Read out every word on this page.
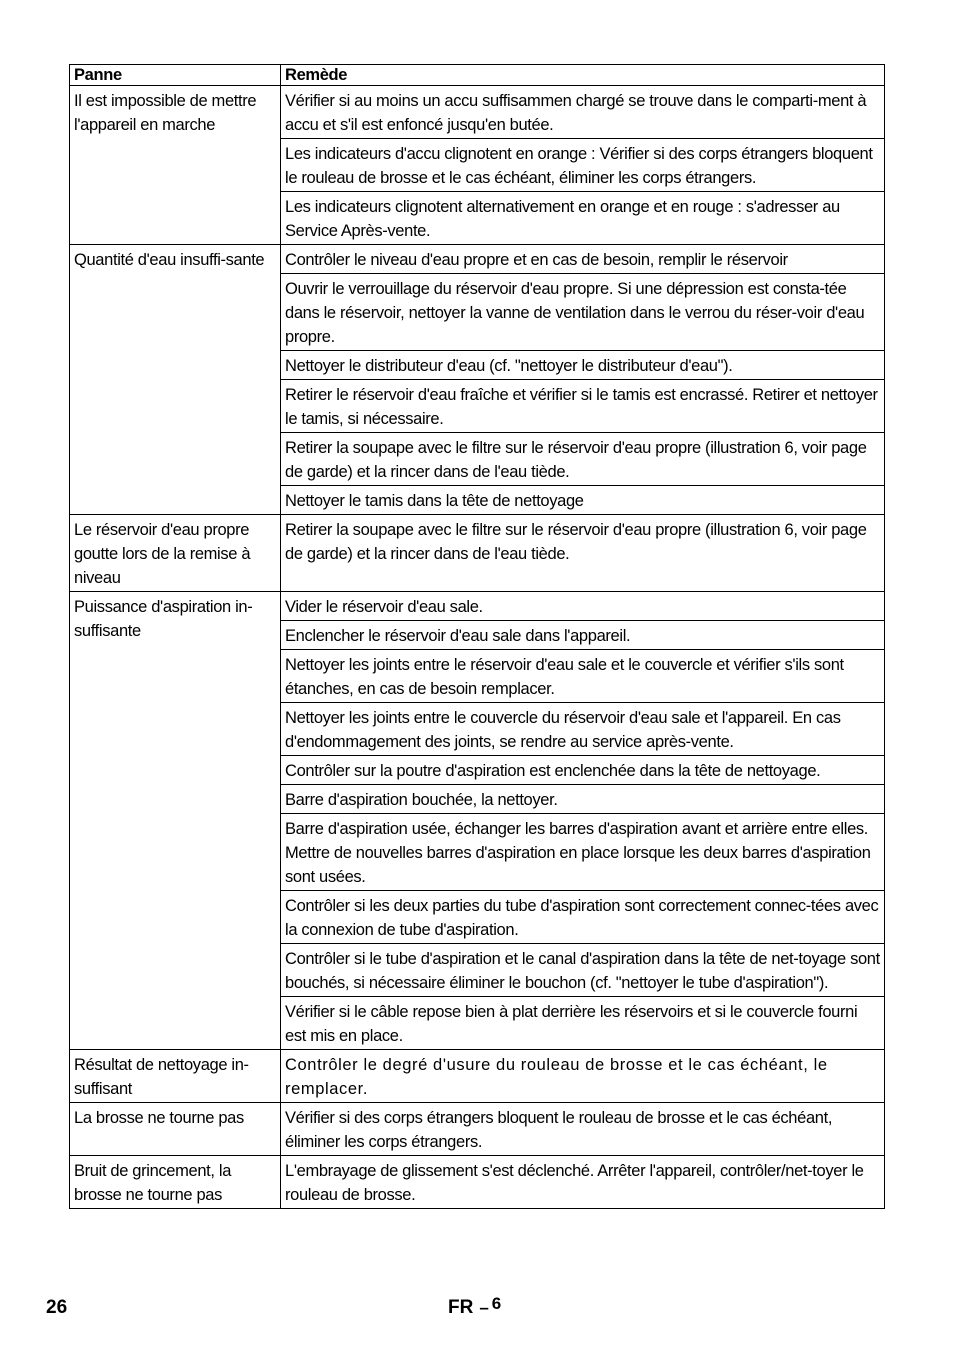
Panne	Remède
Il est impossible de mettre l'appareil en marche	Vérifier si au moins un accu suffisammen chargé se trouve dans le comparti-ment à accu et s'il est enfoncé jusqu'en butée.
	Les indicateurs d'accu clignotent en orange : Vérifier si des corps étrangers bloquent le rouleau de brosse et le cas échéant, éliminer les corps étrangers.
	Les indicateurs clignotent alternativement en orange et en rouge : s'adresser au Service Après-vente.
Quantité d'eau insuffi-sante	Contrôler le niveau d'eau propre et en cas de besoin, remplir le réservoir
	Ouvrir le verrouillage du réservoir d'eau propre. Si une dépression est consta-tée dans le réservoir, nettoyer la vanne de ventilation dans le verrou du réser-voir d'eau propre.
	Nettoyer le distributeur d'eau (cf. "nettoyer le distributeur d'eau").
	Retirer le réservoir d'eau fraîche et vérifier si le tamis est encrassé. Retirer et nettoyer le tamis, si nécessaire.
	Retirer la soupape avec le filtre sur le réservoir d'eau propre (illustration 6, voir page de garde) et la rincer dans de l'eau tiède.
	Nettoyer le tamis dans la tête de nettoyage
Le réservoir d'eau propre goutte lors de la remise à niveau	Retirer la soupape avec le filtre sur le réservoir d'eau propre (illustration 6, voir page de garde) et la rincer dans de l'eau tiède.
Puissance d'aspiration in-suffisante	Vider le réservoir d'eau sale.
	Enclencher le réservoir d'eau sale dans l'appareil.
	Nettoyer les joints entre le réservoir d'eau sale et le couvercle et vérifier s'ils sont étanches, en cas de besoin remplacer.
	Nettoyer les joints entre le couvercle du réservoir d'eau sale et l'appareil. En cas d'endommagement des joints, se rendre au service après-vente.
	Contrôler sur la poutre d'aspiration est enclenchée dans la tête de nettoyage.
	Barre d'aspiration bouchée, la nettoyer.
	Barre d'aspiration usée, échanger les barres d'aspiration avant et arrière entre elles. Mettre de nouvelles barres d'aspiration en place lorsque les deux barres d'aspiration sont usées.
	Contrôler si les deux parties du tube d'aspiration sont correctement connec-tées avec la connexion de tube d'aspiration.
	Contrôler si le tube d'aspiration et le canal d'aspiration dans la tête de net-toyage sont bouchés, si nécessaire éliminer le bouchon (cf. "nettoyer le tube d'aspiration").
	Vérifier si le câble repose bien à plat derrière les réservoirs et si le couvercle fourni est mis en place.
Résultat de nettoyage in-suffisant	Contrôler le degré d'usure du rouleau de brosse et le cas échéant, le remplacer.
La brosse ne tourne pas	Vérifier si des corps étrangers bloquent le rouleau de brosse et le cas échéant, éliminer les corps étrangers.
Bruit de grincement, la brosse ne tourne pas	L'embrayage de glissement s'est déclenché. Arrêter l'appareil, contrôler/net-toyer le rouleau de brosse.
26	FR – 6
